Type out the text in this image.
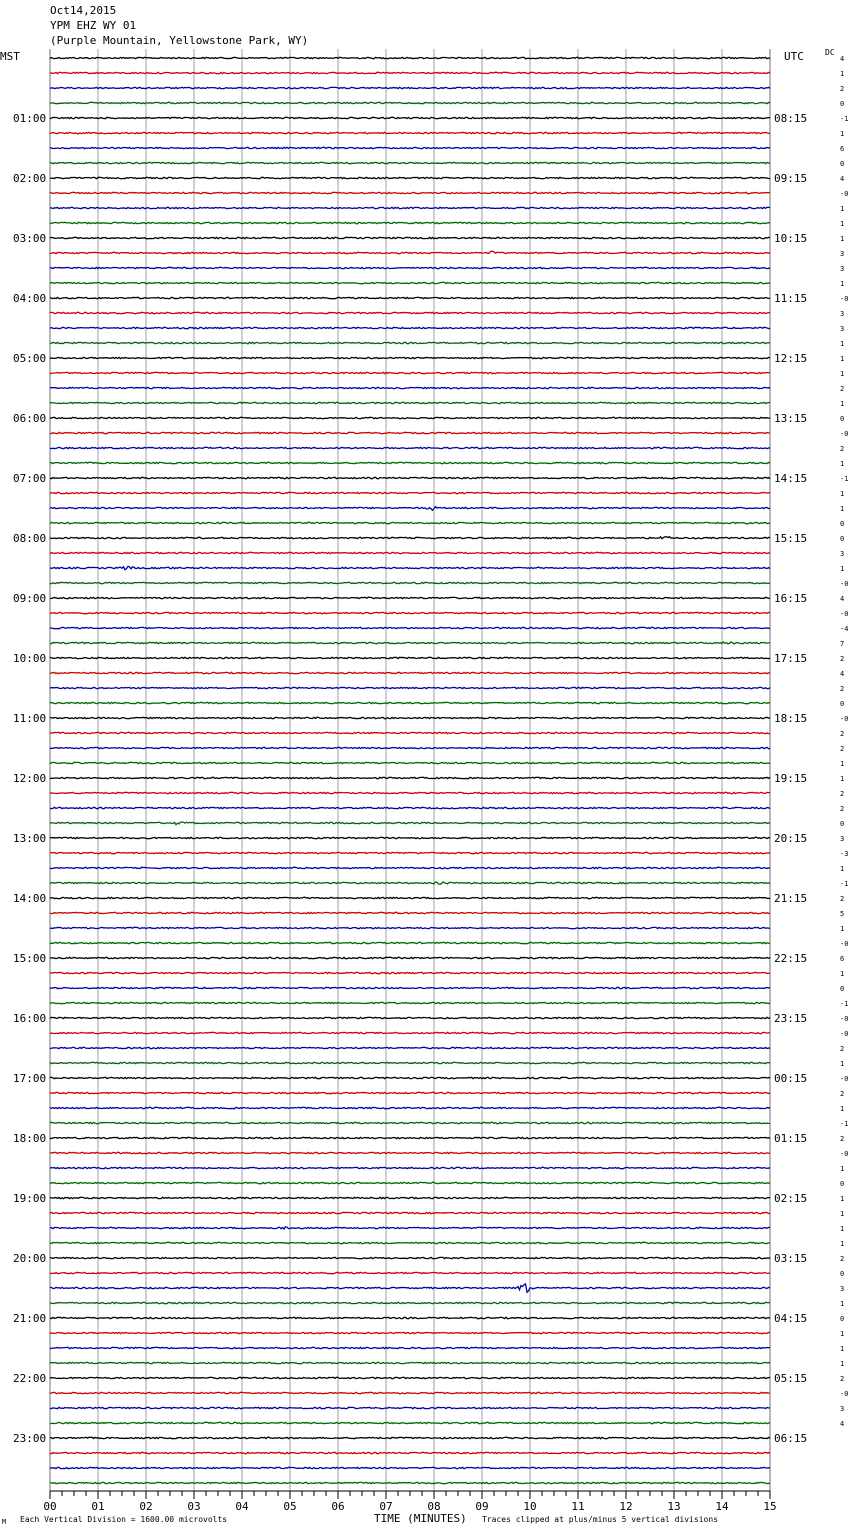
Oct14,2015
YPM EHZ WY 01
(Purple Mountain, Yellowstone Park, WY)
MST	UTC	DC
4
1
2
0
-1
01:00	08:15
1
6
0
4
02:00	09:15
-0
1
1
1
03:00	10:15
3
3
1
-0
04:00	11:15
3
3
1
1
05:00	12:15
1
2
1
0
06:00	13:15
-0
2
1
-1
07:00	14:15
1
1
0
0
08:00	15:15
3
1
-0
4
09:00	16:15
-0
-4
7
2
10:00	17:15
4
2
0
-0
11:00	18:15
2
2
1
1
12:00	19:15
2
2
0
3
13:00	20:15
-3
1
-1
2
14:00	21:15
5
1
-0
6
15:00	22:15
1
0
-1
-0
16:00	23:15
-0
2
1
-0
17:00	00:15
2
1
-1
2
18:00	01:15
-0
1
0
1
19:00	02:15
1
1
1
2
20:00	03:15
0
3
1
0
21:00	04:15
1
1
1
2
22:00	05:15
-0
3
4
23:00	06:15
00	01	02	03	04	05	06	07	08	09	10	11	12	13	14	15
TIME (MINUTES)
M Each Vertical Division = 1600.00 microvolts	Traces clipped at plus/minus 5 vertical divisions
